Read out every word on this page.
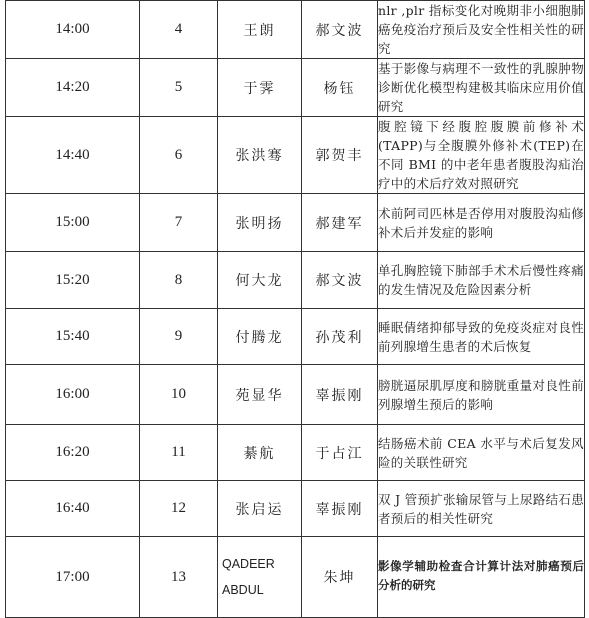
14:00	4	王朗	郝文波	nlr ,plr 指标变化对晚期非小细胞肺癌免疫治疗预后及安全性相关性的研究
14:20	5	于霁	杨钰	基于影像与病理不一致性的乳腺肿物诊断优化模型构建极其临床应用价值研究
14:40	6	张洪骞	郭贺丰	腹腔镜下经腹腔腹膜前修补术(TAPP)与全腹膜外修补术(TEP)在不同 BMI 的中老年患者腹股沟疝治疗中的术后疗效对照研究
15:00	7	张明扬	郝建军	术前阿司匹林是否停用对腹股沟疝修补术后并发症的影响
15:20	8	何大龙	郝文波	单孔胸腔镜下肺部手术术后慢性疼痛的发生情况及危险因素分析
15:40	9	付腾龙	孙茂利	睡眠倩绪抑郁导致的免疫炎症对良性前列腺增生患者的术后恢复
16:00	10	苑显华	辜振刚	膀胱逼尿肌厚度和膀胱重量对良性前列腺增生预后的影响
16:20	11	綦航	于占江	结肠癌术前 CEA 水平与术后复发风险的关联性研究
16:40	12	张启运	辜振刚	双 J 管预扩张输尿管与上尿路结石患者预后的相关性研究
17:00	13	QADEER ABDUL	朱坤	影像学辅助检查合计算计法对肺癌预后分析的研究
